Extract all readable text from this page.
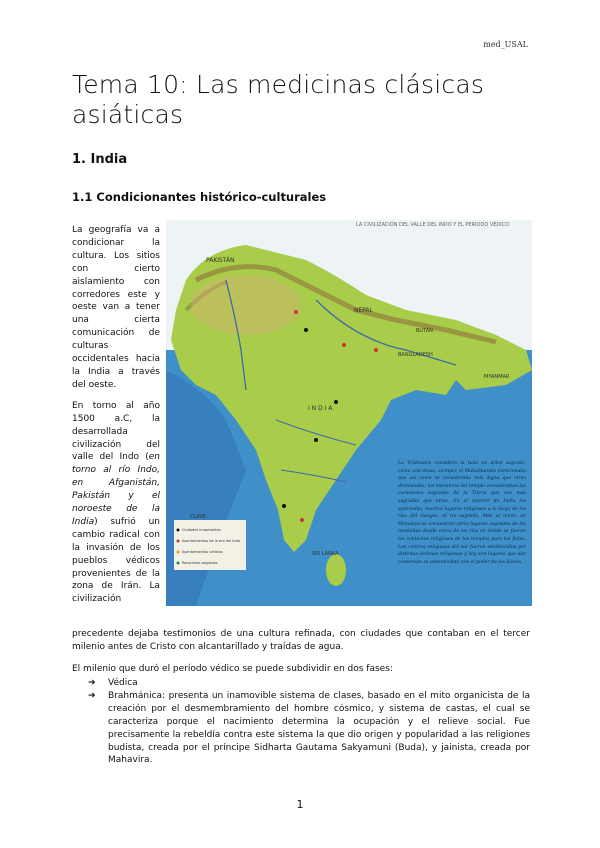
med_USAL
Tema 10: Las medicinas clásicas asiáticas
1. India
1.1 Condicionantes histórico-culturales

La geografía va a condicionar la cultura. Los sitios con cierto aislamiento con corredores este y oeste van a tener una cierta comunicación de culturas occidentales hacia la India a través del oeste.

En torno al año 1500 a.C, la desarrollada civilización del valle del Indo (en torno al río Indo, en Afganistán, Pakistán y el noroeste de la India) sufrió un cambio radical con la invasión de los pueblos védicos provenientes de la zona de Irán. La civilización

LA CIVILIZACIÓN DEL VALLE DEL INDO Y EL PERIODO VÉDICO
PAKISTÁN
NEPAL
BUTÁN
BANGLADESH
MYANMAR
I N D I A
SRI LANKA
CLAVE
Ciudades importantes
Asentamientos de la era del Indo
Asentamientos védicos
Recorridos sagrados
La Trishastra consideró la tulsi un árbol sagrado, como una diosa, siempre el Mahabharata mencionaba que así como se consideraba más digna que otras divinidades, los miembros del templo consideraban las curaciones sagradas de la Tierra que son más sagradas que otras. En el interior de India los ayurvedas, muchos lugares religiosos a lo largo de los ríos del Ganges, el río sagrado. Más al norte, en Himalaya se encuentran otros lugares sagrados de las montañas donde cerca de los ríos en donde se fueron los contactos religiosos de los templos para los fieles. Los centros religiosos del sur fueron establecidos por distintas órdenes religiosas y hoy son lugares que aún conservan su autenticidad con el poder de los dioses.
precedente dejaba testimonios de una cultura refinada, con ciudades que contaban en el tercer milenio antes de Cristo con alcantarillado y traídas de agua.
El milenio que duró el período védico se puede subdividir en dos fases:
➔ Védica
➔ Brahmánica: presenta un inamovible sistema de clases, basado en el mito organicista de la creación por el desmembramiento del hombre cósmico, y sistema de castas, el cual se caracteriza porque el nacimiento determina la ocupación y el relieve social. Fue precisamente la rebeldía contra este sistema la que dio origen y popularidad a las religiones budista, creada por el príncipe Sidharta Gautama Sakyamuni (Buda), y jainista, creada por Mahavira.
1
